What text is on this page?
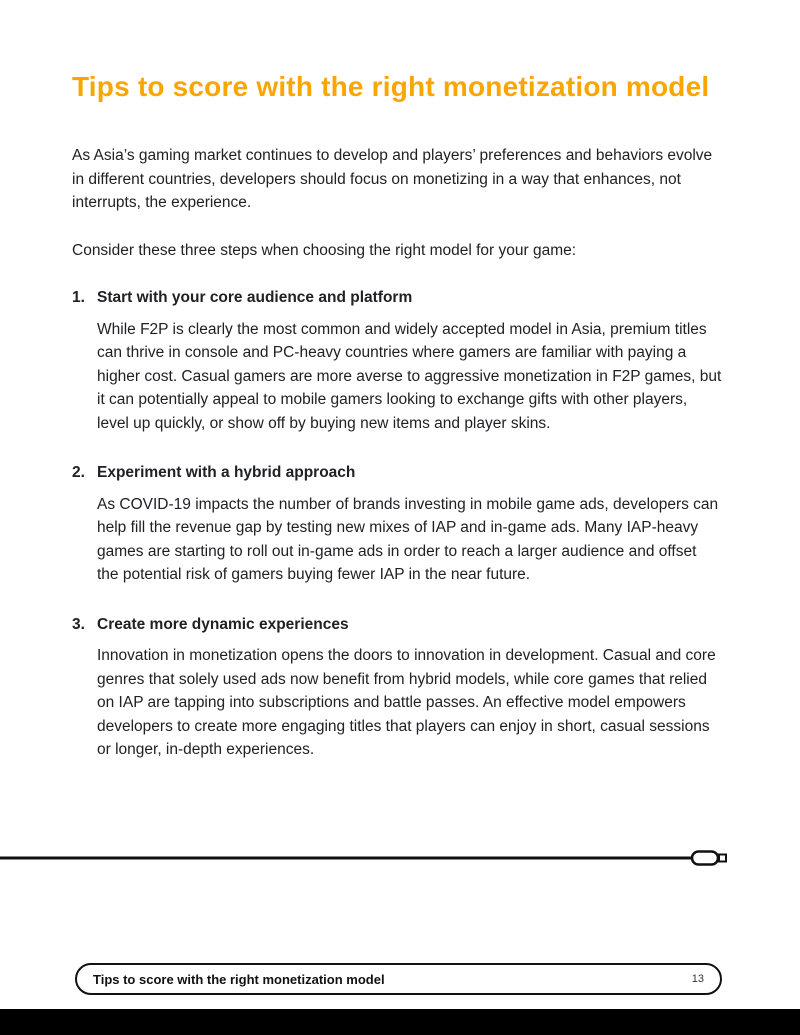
Tips to score with the right monetization model

As Asia’s gaming market continues to develop and players’ preferences and behaviors evolve in different countries, developers should focus on monetizing in a way that enhances, not interrupts, the experience.

Consider these three steps when choosing the right model for your game:

1. Start with your core audience and platform
While F2P is clearly the most common and widely accepted model in Asia, premium titles can thrive in console and PC-heavy countries where gamers are familiar with paying a higher cost. Casual gamers are more averse to aggressive monetization in F2P games, but it can potentially appeal to mobile gamers looking to exchange gifts with other players, level up quickly, or show off by buying new items and player skins.
2. Experiment with a hybrid approach
As COVID-19 impacts the number of brands investing in mobile game ads, developers can help fill the revenue gap by testing new mixes of IAP and in-game ads. Many IAP-heavy games are starting to roll out in-game ads in order to reach a larger audience and offset the potential risk of gamers buying fewer IAP in the near future.
3. Create more dynamic experiences
Innovation in monetization opens the doors to innovation in development. Casual and core genres that solely used ads now benefit from hybrid models, while core games that relied on IAP are tapping into subscriptions and battle passes. An effective model empowers developers to create more engaging titles that players can enjoy in short, casual sessions or longer, in-depth experiences.
Tips to score with the right monetization model	13
